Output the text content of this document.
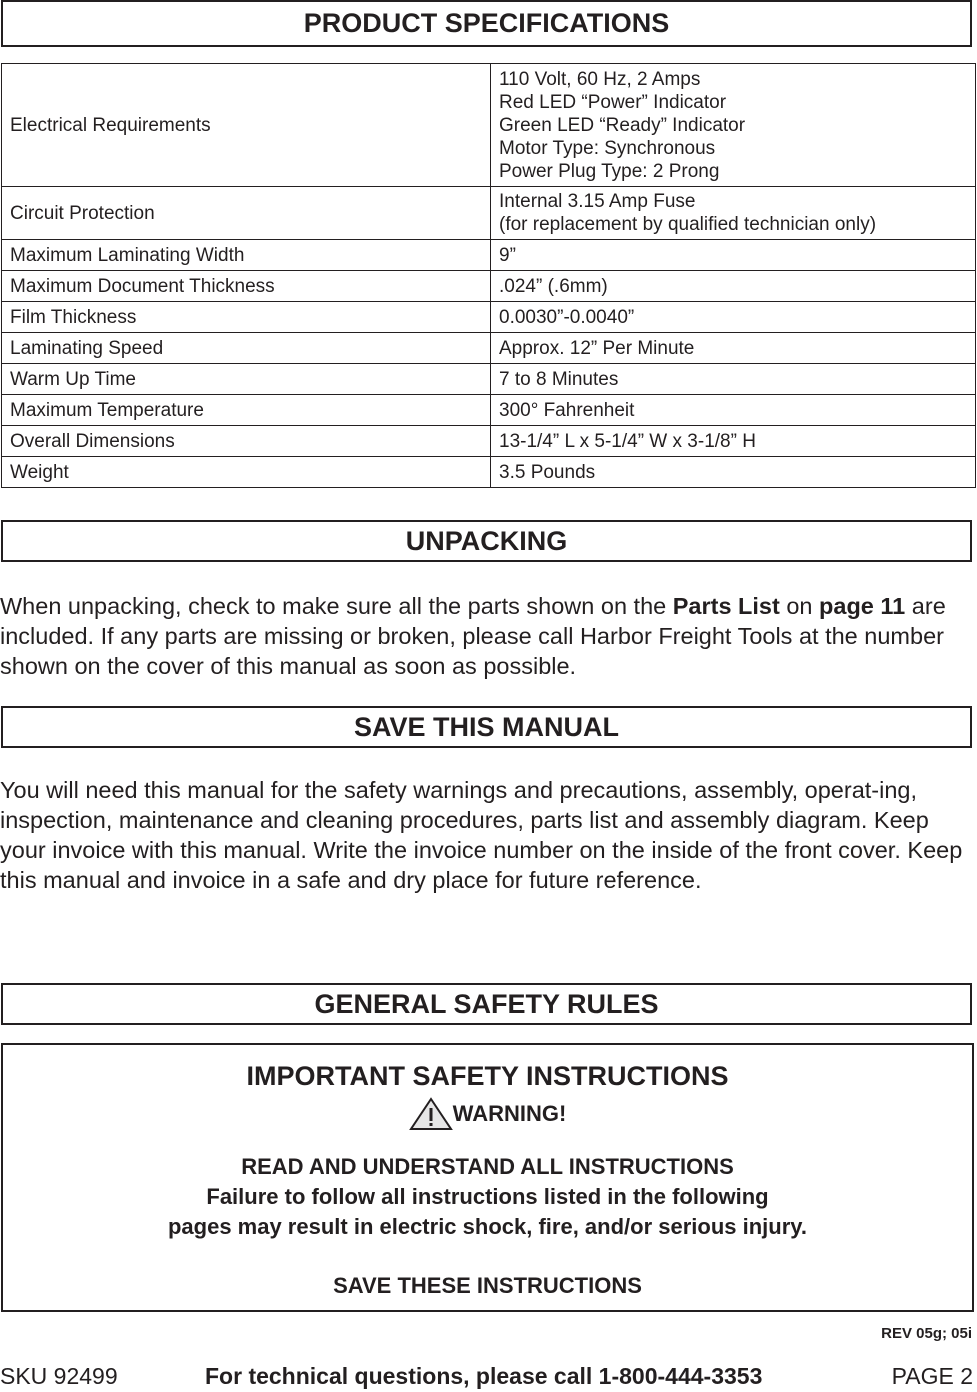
PRODUCT SPECIFICATIONS
Electrical Requirements	110 Volt, 60 Hz, 2 Amps
Red LED “Power” Indicator
Green LED “Ready” Indicator
Motor Type: Synchronous
Power Plug Type: 2 Prong

Circuit Protection	Internal 3.15 Amp Fuse
(for replacement by qualified technician only)

Maximum Laminating Width	9”

Maximum Document Thickness	.024” (.6mm)

Film Thickness	0.0030”-0.0040”

Laminating Speed	Approx. 12” Per Minute

Warm Up Time	7 to 8 Minutes

Maximum Temperature	300° Fahrenheit

Overall Dimensions	13-1/4” L x 5-1/4” W x 3-1/8” H

Weight	3.5 Pounds
UNPACKING

When unpacking, check to make sure all the parts shown on the Parts List on page 11 are included. If any parts are missing or broken, please call Harbor Freight Tools at the number shown on the cover of this manual as soon as possible.

SAVE THIS MANUAL

You will need this manual for the safety warnings and precautions, assembly, operat-ing, inspection, maintenance and cleaning procedures, parts list and assembly diagram. Keep your invoice with this manual. Write the invoice number on the inside of the front cover. Keep this manual and invoice in a safe and dry place for future reference.

GENERAL SAFETY RULES
IMPORTANT SAFETY INSTRUCTIONS
WARNING!
READ AND UNDERSTAND ALL INSTRUCTIONS
Failure to follow all instructions listed in the following
pages may result in electric shock, fire, and/or serious injury.
SAVE THESE INSTRUCTIONS
REV 05g; 05i
SKU 92499	For technical questions, please call 1-800-444-3353	PAGE 2
